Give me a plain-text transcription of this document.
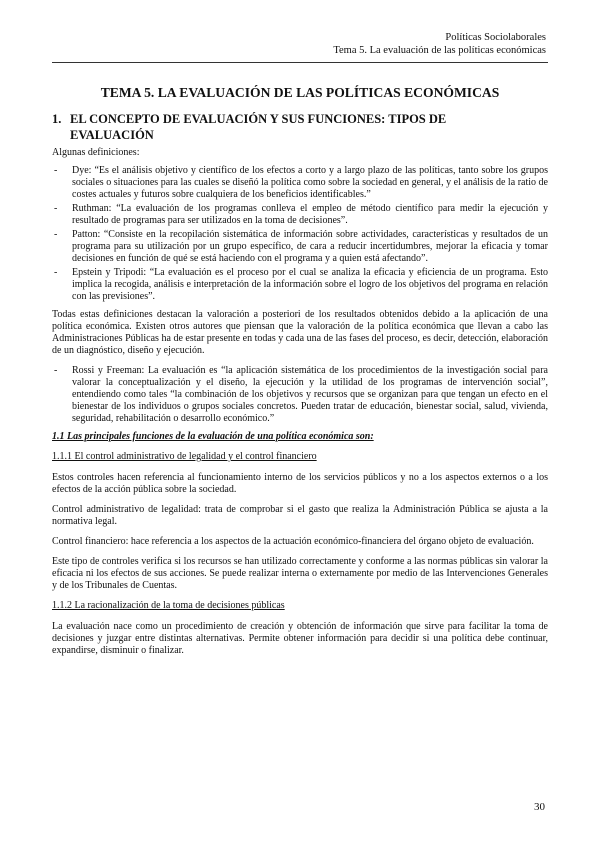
Políticas Sociolaborales
Tema 5. La evaluación de las políticas económicas
TEMA 5. LA EVALUACIÓN DE LAS POLÍTICAS ECONÓMICAS
1. EL CONCEPTO DE EVALUACIÓN Y SUS FUNCIONES: TIPOS DE EVALUACIÓN

Algunas definiciones:

- Dye: “Es el análisis objetivo y científico de los efectos a corto y a largo plazo de las políticas, tanto sobre los grupos sociales o situaciones para las cuales se diseñó la política como sobre la sociedad en general, y el análisis de la ratio de costes actuales y futuros sobre cualquiera de los beneficios identificables.”
- Ruthman: “La evaluación de los programas conlleva el empleo de método científico para medir la ejecución y resultado de programas para ser utilizados en la toma de decisiones”.
- Patton: “Consiste en la recopilación sistemática de información sobre actividades, características y resultados de un programa para su utilización por un grupo específico, de cara a reducir incertidumbres, mejorar la eficacia y tomar decisiones en función de qué se está haciendo con el programa y a quien está afectando”.
- Epstein y Tripodi: “La evaluación es el proceso por el cual se analiza la eficacia y eficiencia de un programa. Esto implica la recogida, análisis e interpretación de la información sobre el logro de los objetivos del programa en relación con las previsiones”.

Todas estas definiciones destacan la valoración a posteriori de los resultados obtenidos debido a la aplicación de una política económica. Existen otros autores que piensan que la valoración de la política económica que llevan a cabo las Administraciones Públicas ha de estar presente en todas y cada una de las fases del proceso, es decir, detección, elaboración de un diagnóstico, diseño y ejecución.

- Rossi y Freeman: La evaluación es “la aplicación sistemática de los procedimientos de la investigación social para valorar la conceptualización y el diseño, la ejecución y la utilidad de los programas de intervención social”, entendiendo como tales “la combinación de los objetivos y recursos que se organizan para que tengan un efecto en el bienestar de los individuos o grupos sociales concretos. Pueden tratar de educación, bienestar social, salud, vivienda, seguridad, rehabilitación o desarrollo económico.”
1.1 Las principales funciones de la evaluación de una política económica son:
1.1.1 El control administrativo de legalidad y el control financiero

Estos controles hacen referencia al funcionamiento interno de los servicios públicos y no a los aspectos externos o a los efectos de la acción pública sobre la sociedad.

Control administrativo de legalidad: trata de comprobar si el gasto que realiza la Administración Pública se ajusta a la normativa legal.

Control financiero: hace referencia a los aspectos de la actuación económico-financiera del órgano objeto de evaluación.

Este tipo de controles verifica si los recursos se han utilizado correctamente y conforme a las normas públicas sin valorar la eficacia ni los efectos de sus acciones. Se puede realizar interna o externamente por medio de las Intervenciones Generales y de los Tribunales de Cuentas.

1.1.2 La racionalización de la toma de decisiones públicas

La evaluación nace como un procedimiento de creación y obtención de información que sirve para facilitar la toma de decisiones y juzgar entre distintas alternativas. Permite obtener información para decidir si una política debe continuar, expandirse, disminuir o finalizar.

30
